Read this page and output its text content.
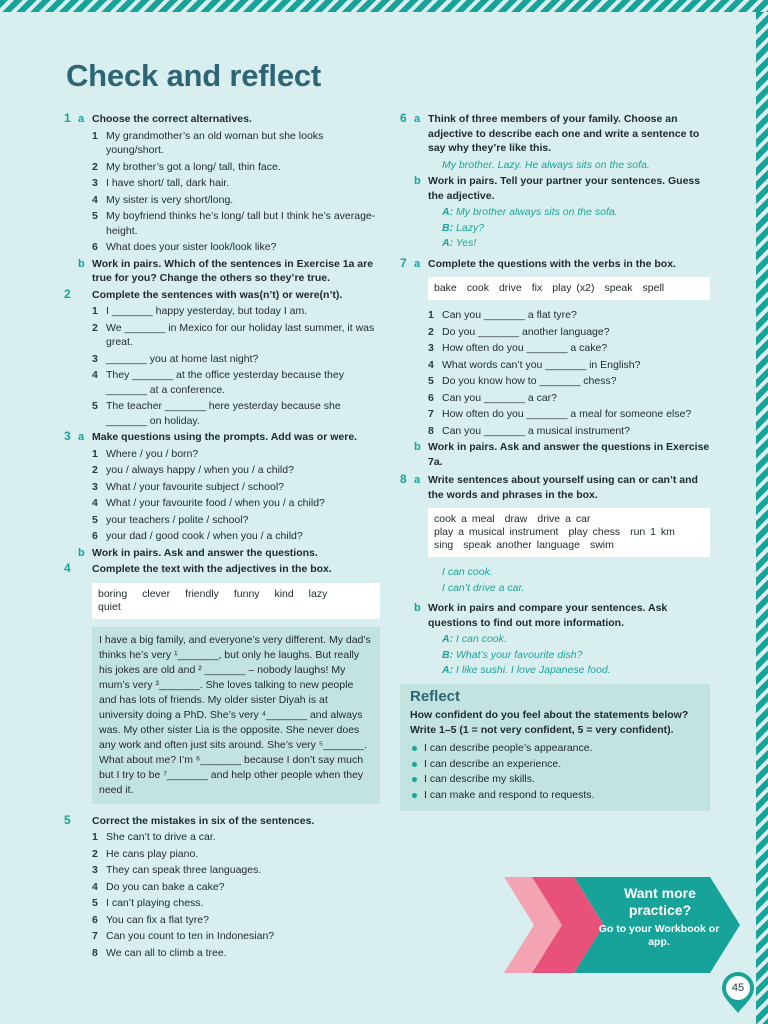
Check and reflect
1 a Choose the correct alternatives.
1 My grandmother’s an old woman but she looks young/short.
2 My brother’s got a long/ tall, thin face.
3 I have short/ tall, dark hair.
4 My sister is very short/long.
5 My boyfriend thinks he’s long/ tall but I think he’s average-height.
6 What does your sister look/look like?
b Work in pairs. Which of the sentences in Exercise 1a are true for you? Change the others so they’re true.
2 Complete the sentences with was(n’t) or were(n’t).
1 I _______ happy yesterday, but today I am.
2 We _______ in Mexico for our holiday last summer, it was great.
3 _______ you at home last night?
4 They _______ at the office yesterday because they _______ at a conference.
5 The teacher _______ here yesterday because she _______ on holiday.
3 a Make questions using the prompts. Add was or were.
1 Where / you / born?
2 you / always happy / when you / a child?
3 What / your favourite subject / school?
4 What / your favourite food / when you / a child?
5 your teachers / polite / school?
6 your dad / good cook / when you / a child?
b Work in pairs. Ask and answer the questions.
4 Complete the text with the adjectives in the box.
boring clever friendly funny kind lazy quiet
I have a big family, and everyone’s very different. My dad’s thinks he’s very ¹_______, but only he laughs. But really his jokes are old and ² _______ – nobody laughs! My mum’s very ³_______. She loves talking to new people and has lots of friends. My older sister Diyah is at university doing a PhD. She’s very ⁴_______ and always was. My other sister Lia is the opposite. She never does any work and often just sits around. She’s very ⁵_______. What about me? I’m ⁶_______ because I don’t say much but I try to be ⁷_______ and help other people when they need it.
5 Correct the mistakes in six of the sentences.
1 She can’t to drive a car.
2 He cans play piano.
3 They can speak three languages.
4 Do you can bake a cake?
5 I can’t playing chess.
6 You can fix a flat tyre?
7 Can you count to ten in Indonesian?
8 We can all to climb a tree.
6 a Think of three members of your family. Choose an adjective to describe each one and write a sentence to say why they’re like this.
My brother. Lazy. He always sits on the sofa.
b Work in pairs. Tell your partner your sentences. Guess the adjective.
A: My brother always sits on the sofa.
B: Lazy?
A: Yes!
7 a Complete the questions with the verbs in the box.
bake cook drive fix play (x2) speak spell
1 Can you _______ a flat tyre?
2 Do you _______ another language?
3 How often do you _______ a cake?
4 What words can’t you _______ in English?
5 Do you know how to _______ chess?
6 Can you _______ a car?
7 How often do you _______ a meal for someone else?
8 Can you _______ a musical instrument?
b Work in pairs. Ask and answer the questions in Exercise 7a.
8 a Write sentences about yourself using can or can’t and the words and phrases in the box.
cook a meal draw drive a car
play a musical instrument play chess run 1 km
sing speak another language swim
I can cook.
I can’t drive a car.
b Work in pairs and compare your sentences. Ask questions to find out more information.
A: I can cook.
B: What’s your favourite dish?
A: I like sushi. I love Japanese food.
Reflect

How confident do you feel about the statements below? Write 1–5 (1 = not very confident, 5 = very confident).

I can describe people’s appearance.
I can describe an experience.
I can describe my skills.
I can make and respond to requests.
Want more practice?
Go to your Workbook or app.
45
